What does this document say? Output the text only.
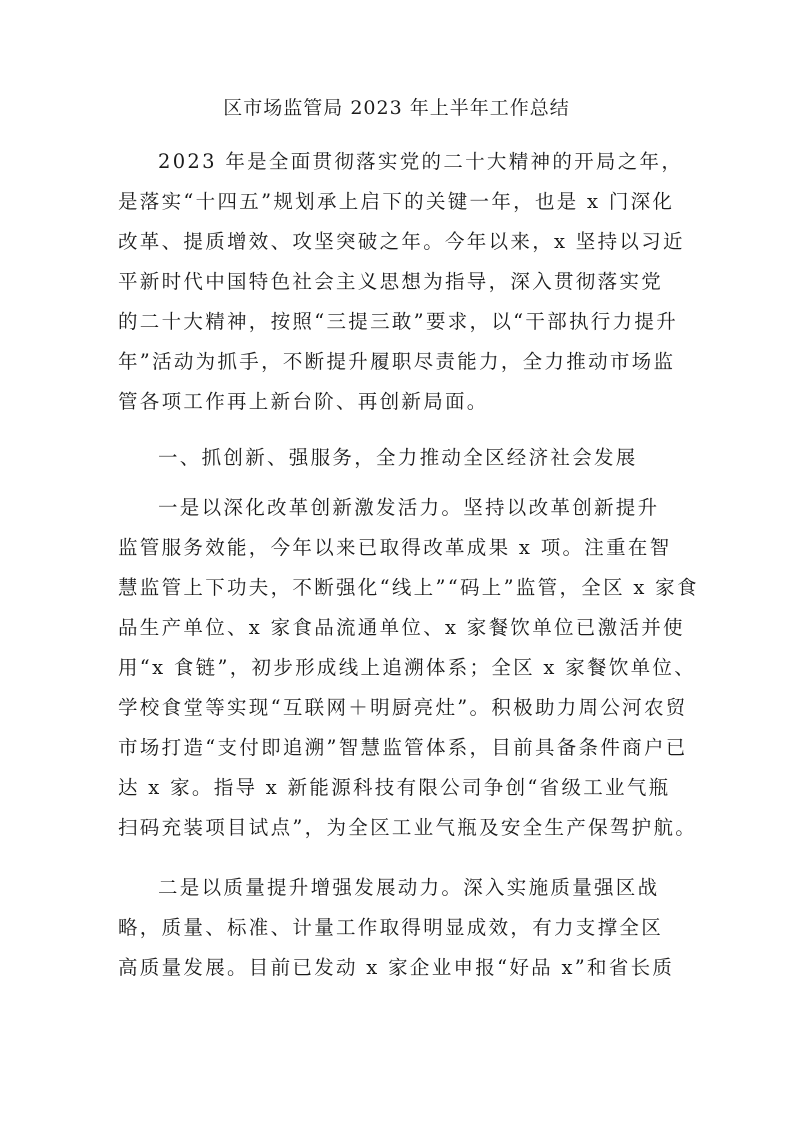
区市场监管局 2023 年上半年工作总结
2023 年是全面贯彻落实党的二十大精神的开局之年，
是落实“十四五”规划承上启下的关键一年，也是 x 门深化
改革、提质增效、攻坚突破之年。今年以来，x 坚持以习近
平新时代中国特色社会主义思想为指导，深入贯彻落实党
的二十大精神，按照“三提三敢”要求，以“干部执行力提升
年”活动为抓手，不断提升履职尽责能力，全力推动市场监
管各项工作再上新台阶、再创新局面。
一、抓创新、强服务，全力推动全区经济社会发展
一是以深化改革创新激发活力。坚持以改革创新提升
监管服务效能，今年以来已取得改革成果 x 项。注重在智
慧监管上下功夫，不断强化“线上”“码上”监管，全区 x 家食
品生产单位、x 家食品流通单位、x 家餐饮单位已激活并使
用“x 食链”，初步形成线上追溯体系；全区 x 家餐饮单位、
学校食堂等实现“互联网＋明厨亮灶”。积极助力周公河农贸
市场打造“支付即追溯”智慧监管体系，目前具备条件商户已
达 x 家。指导 x 新能源科技有限公司争创“省级工业气瓶
扫码充装项目试点”，为全区工业气瓶及安全生产保驾护航。
二是以质量提升增强发展动力。深入实施质量强区战
略，质量、标准、计量工作取得明显成效，有力支撑全区
高质量发展。目前已发动 x 家企业申报“好品 x”和省长质
